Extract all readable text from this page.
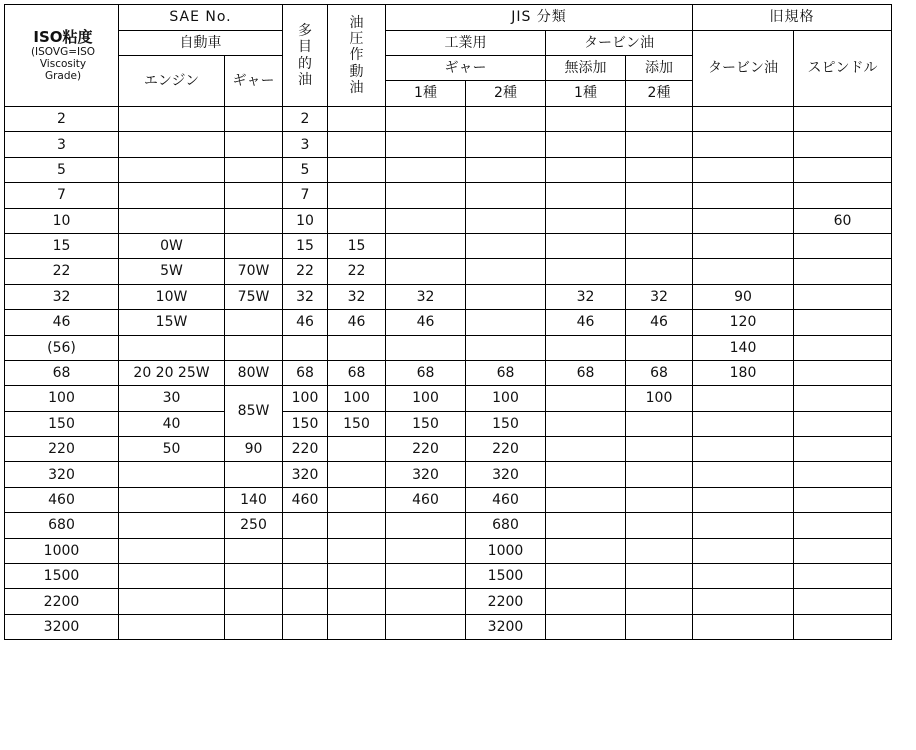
ISO粘度
(ISOVG=ISO
Viscosity
Grade)	SAE No.		多
目
的
油	油
圧
作
動
油	JIS 分類				旧規格	
	自動車				工業用		タービン油		タービン油	スピンドル
	エンジン	ギャー			ギャー		無添加	添加		
					1種	2種	1種	2種		
2			2							
3			3							
5			5							
7			7							
10			10							60
15	0W		15	15						
22	5W	70W	22	22						
32	10W	75W	32	32	32		32	32	90	
46	15W		46	46	46		46	46	120	
(56)									140	
68	20 20 25W	80W	68	68	68	68	68	68	180	
100	30	85W	100	100	100	100		100		
150	40		150	150	150	150				
220	50	90	220		220	220				
320			320		320	320				
460		140	460		460	460				
680		250				680				
1000						1000				
1500						1500				
2200						2200				
3200						3200				
